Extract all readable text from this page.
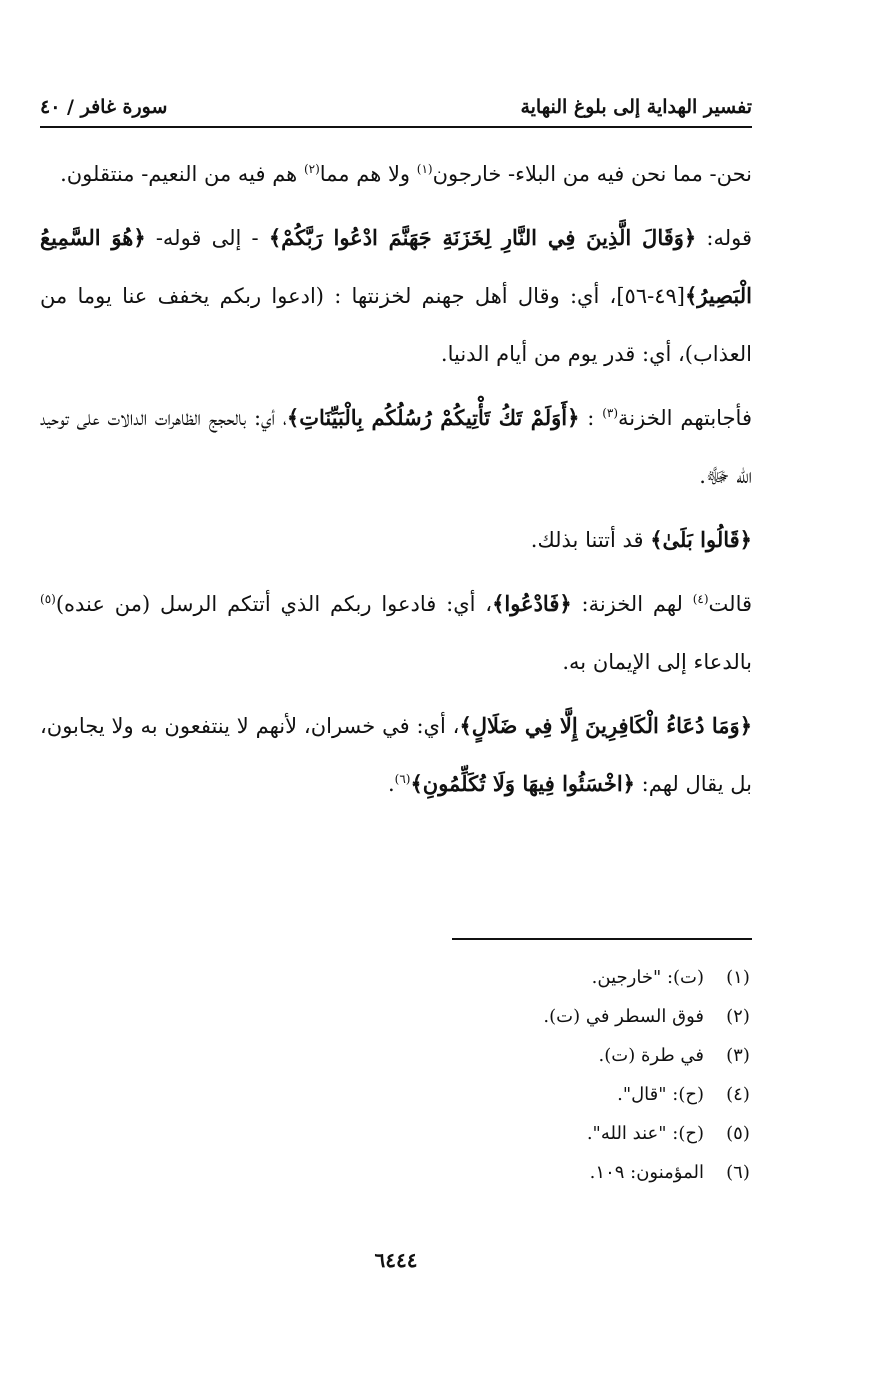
تفسير الهداية إلى بلوغ النهاية
سورة غافر / ٤٠

نحن- مما نحن فيه من البلاء- خارجون$^{(١)}$ ولا هم مما$^{(٢)}$ هم فيه من النعيم- منتقلون.

قوله: ﴿وَقَالَ الَّذِينَ فِي النَّارِ لِخَزَنَةِ جَهَنَّمَ ادْعُوا رَبَّكُمْ﴾ - إلى قوله- ﴿هُوَ السَّمِيعُ الْبَصِيرُ﴾[٤٩-٥٦]، أي: وقال أهل جهنم لخزنتها : (ادعوا ربكم يخفف عنا يوما من العذاب)، أي: قدر يوم من أيام الدنيا.

فأجابتهم الخزنة$^{(٣)}$ : ﴿أَوَلَمْ تَكُ تَأْتِيكُمْ رُسُلُكُم بِالْبَيِّنَاتِ﴾، أي: بالحجج الظاهرات الدالات على توحيد الله ﷻ.

﴿قَالُوا بَلَىٰ﴾ قد أتتنا بذلك.

قالت$^{(٤)}$ لهم الخزنة: ﴿فَادْعُوا﴾، أي: فادعوا ربكم الذي أتتكم الرسل (من عنده)$^{(٥)}$ بالدعاء إلى الإيمان به.

﴿وَمَا دُعَاءُ الْكَافِرِينَ إِلَّا فِي ضَلَالٍ﴾، أي: في خسران، لأنهم لا ينتفعون به ولا يجابون، بل يقال لهم: ﴿اخْسَئُوا فِيهَا وَلَا تُكَلِّمُونِ﴾$^{(٦)}$.

(١)(ت): "خارجين.
(٢)فوق السطر في (ت).
(٣)في طرة (ت).
(٤)(ح): "قال".
(٥)(ح): "عند الله".
(٦)المؤمنون: ١٠٩.
٦٤٤٤
